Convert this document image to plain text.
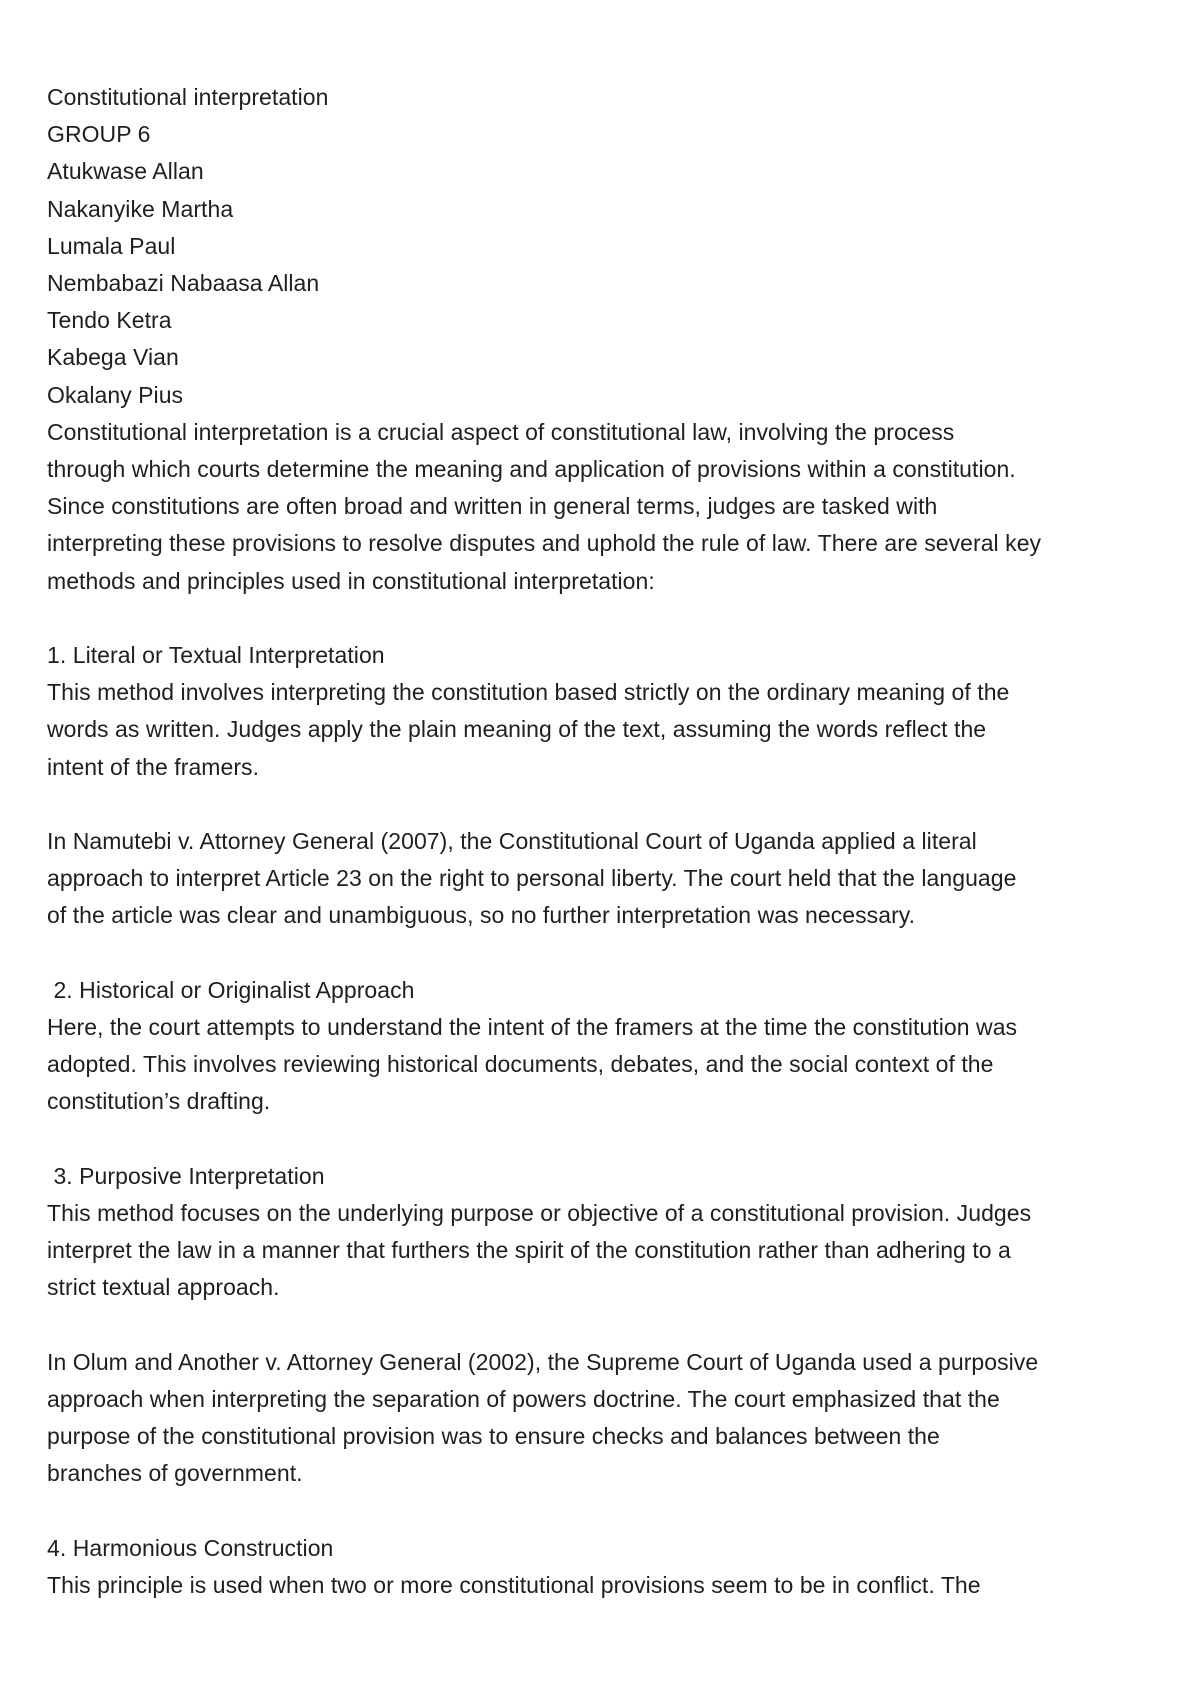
Constitutional interpretation
GROUP 6
Atukwase Allan
Nakanyike Martha
Lumala Paul
Nembabazi Nabaasa Allan
Tendo Ketra
Kabega Vian
Okalany Pius
Constitutional interpretation is a crucial aspect of constitutional law, involving the process
through which courts determine the meaning and application of provisions within a constitution.
Since constitutions are often broad and written in general terms, judges are tasked with
interpreting these provisions to resolve disputes and uphold the rule of law. There are several key
methods and principles used in constitutional interpretation:
1. Literal or Textual Interpretation
This method involves interpreting the constitution based strictly on the ordinary meaning of the
words as written. Judges apply the plain meaning of the text, assuming the words reflect the
intent of the framers.
In Namutebi v. Attorney General (2007), the Constitutional Court of Uganda applied a literal
approach to interpret Article 23 on the right to personal liberty. The court held that the language
of the article was clear and unambiguous, so no further interpretation was necessary.
2. Historical or Originalist Approach
Here, the court attempts to understand the intent of the framers at the time the constitution was
adopted. This involves reviewing historical documents, debates, and the social context of the
constitution’s drafting.
3. Purposive Interpretation
This method focuses on the underlying purpose or objective of a constitutional provision. Judges
interpret the law in a manner that furthers the spirit of the constitution rather than adhering to a
strict textual approach.
In Olum and Another v. Attorney General (2002), the Supreme Court of Uganda used a purposive
approach when interpreting the separation of powers doctrine. The court emphasized that the
purpose of the constitutional provision was to ensure checks and balances between the
branches of government.
4. Harmonious Construction
This principle is used when two or more constitutional provisions seem to be in conflict. The
